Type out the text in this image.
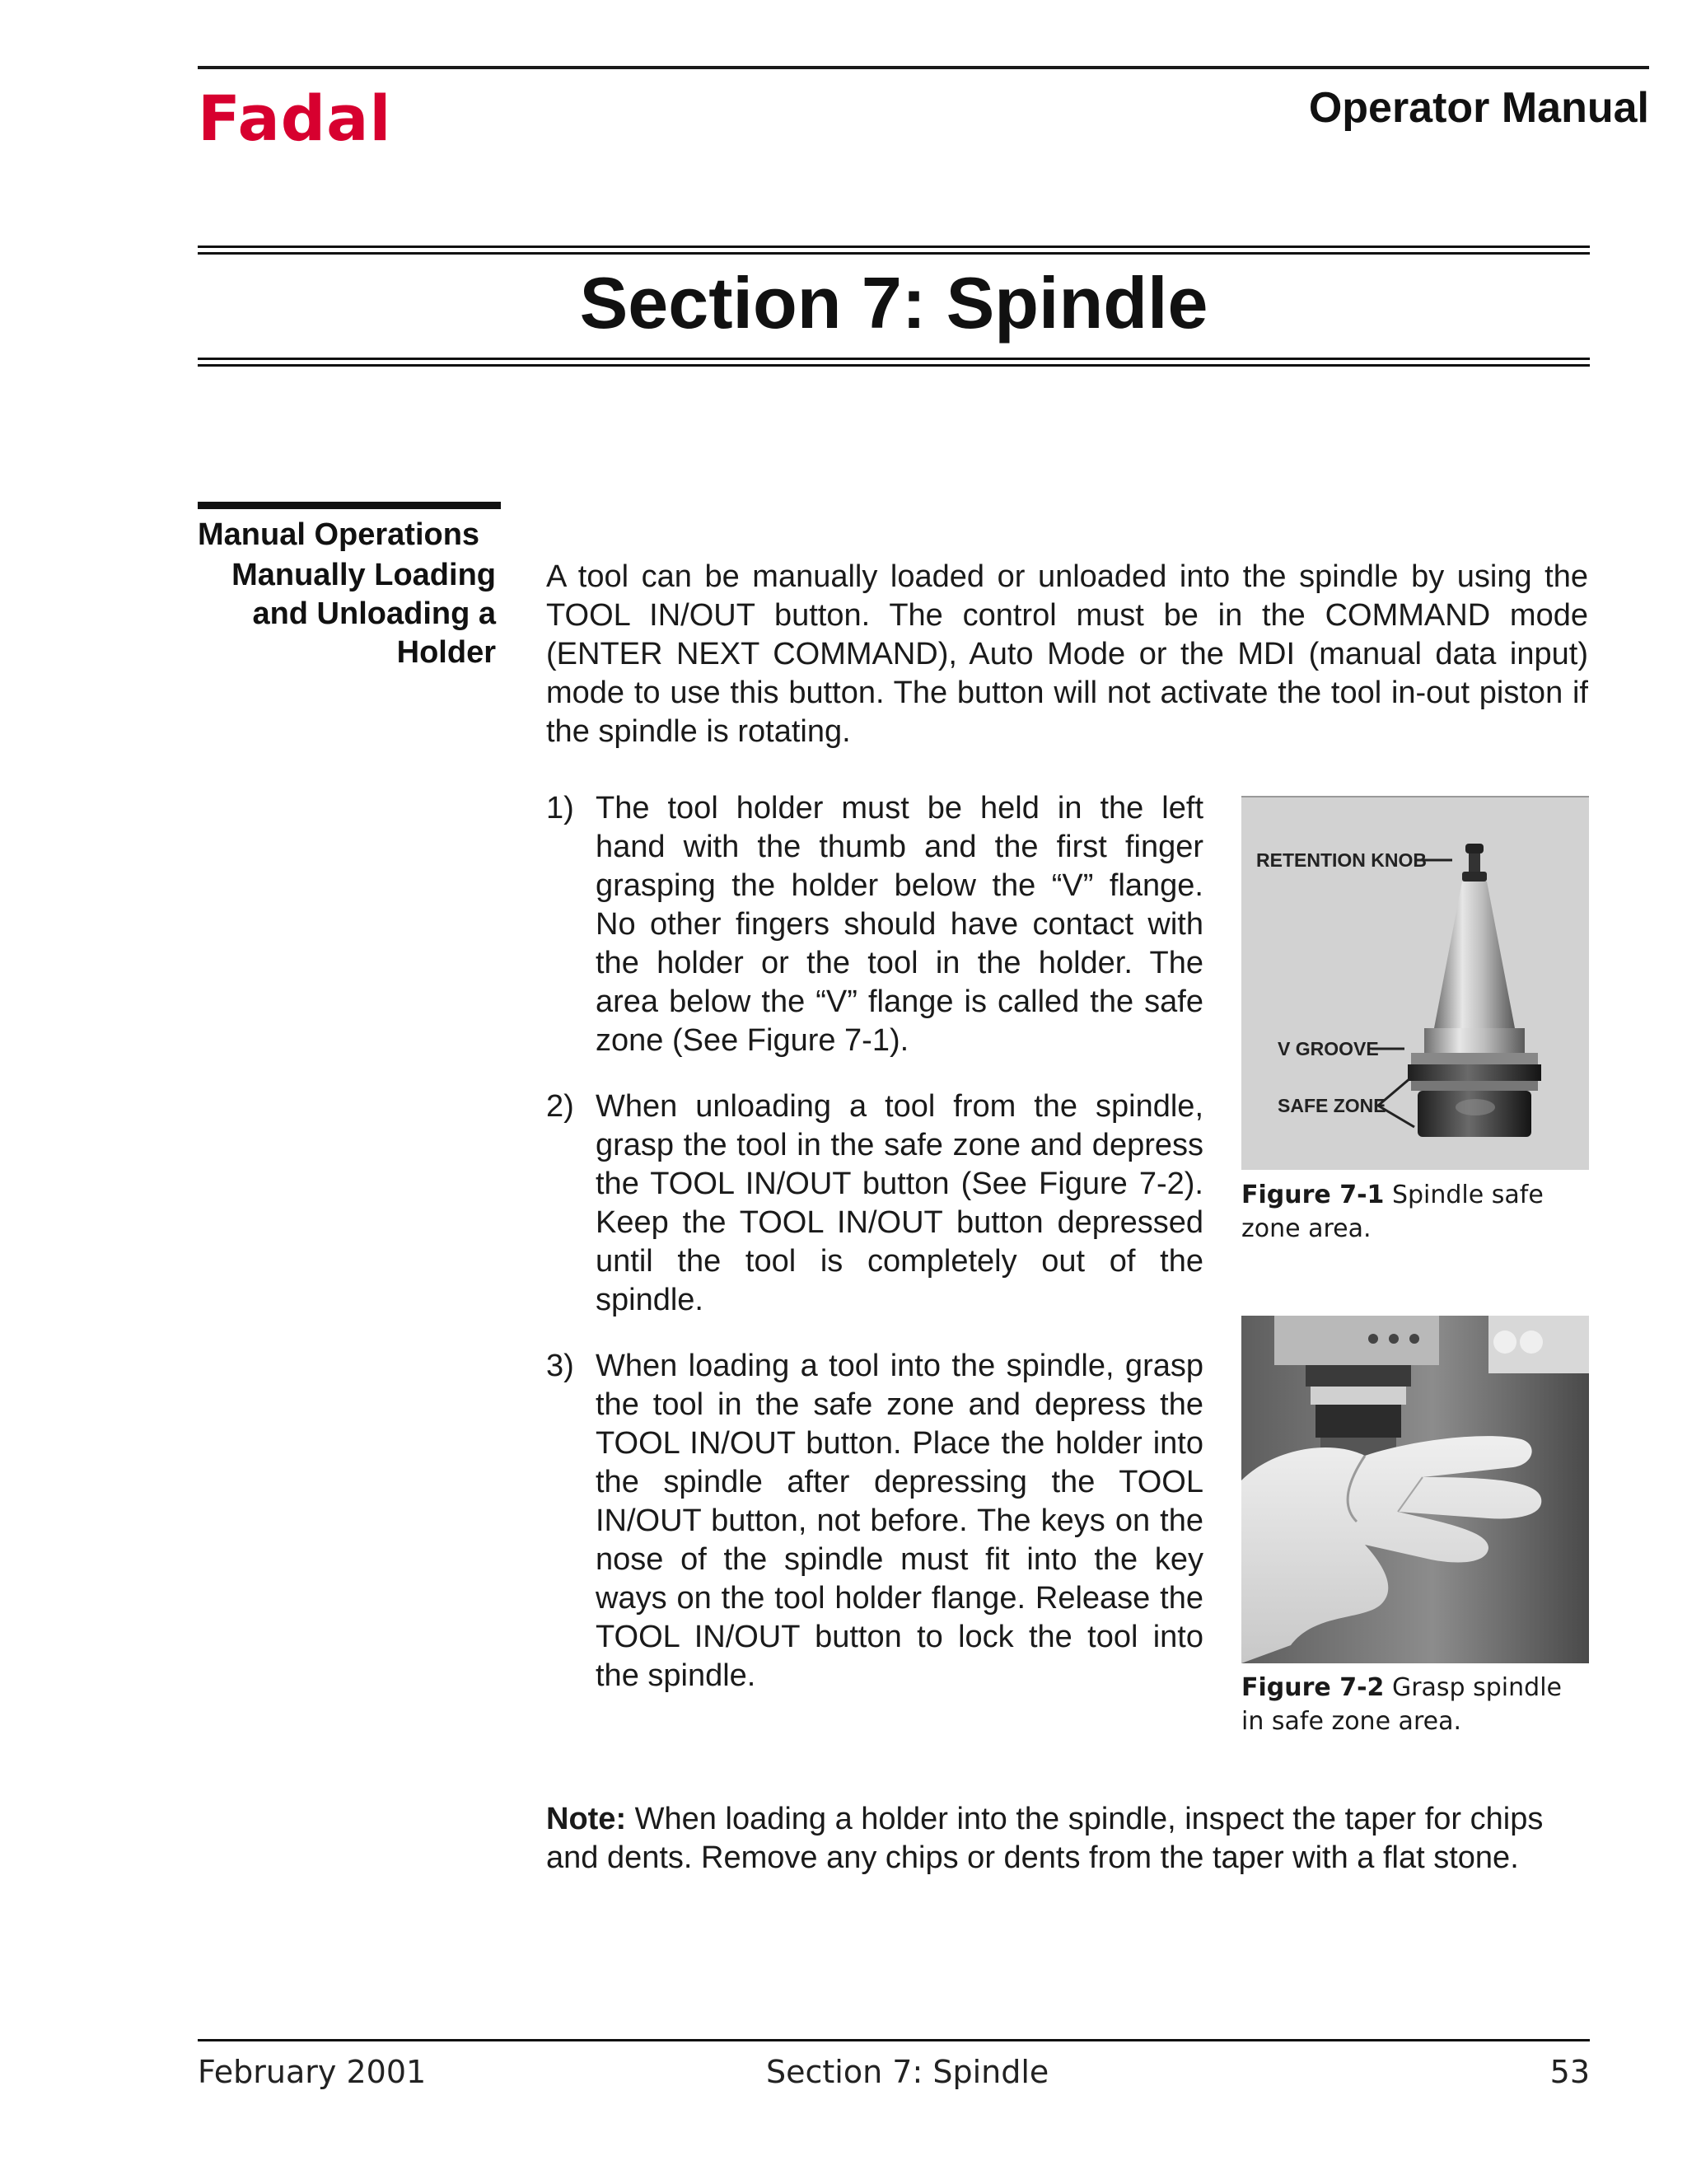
Fadal	Operator Manual
Section 7: Spindle
Manual Operations
Manually Loading
and Unloading a
Holder

A tool can be manually loaded or unloaded into the spindle by using the TOOL IN/OUT button. The control must be in the COMMAND mode (ENTER NEXT COMMAND), Auto Mode or the MDI (manual data input) mode to use this button. The button will not activate the tool in-out piston if the spindle is rotating.

1) The tool holder must be held in the left hand with the thumb and the first finger grasping the holder below the “V” flange. No other fingers should have contact with the holder or the tool in the holder. The area below the “V” flange is called the safe zone (See Figure 7-1).
2) When unloading a tool from the spindle, grasp the tool in the safe zone and depress the TOOL IN/OUT button (See Figure 7-2). Keep the TOOL IN/OUT button depressed until the tool is completely out of the spindle.
3) When loading a tool into the spindle, grasp the tool in the safe zone and depress the TOOL IN/OUT button. Place the holder into the spindle after depressing the TOOL IN/OUT button, not before. The keys on the nose of the spindle must fit into the key ways on the tool holder flange. Release the TOOL IN/OUT button to lock the tool into the spindle.
RETENTION KNOB
V GROOVE
SAFE ZONE
Figure 7-1 Spindle safe zone area.
Figure 7-2 Grasp spindle in safe zone area.
Note: When loading a holder into the spindle, inspect the taper for chips and dents. Remove any chips or dents from the taper with a flat stone.
February 2001	Section 7: Spindle	53
